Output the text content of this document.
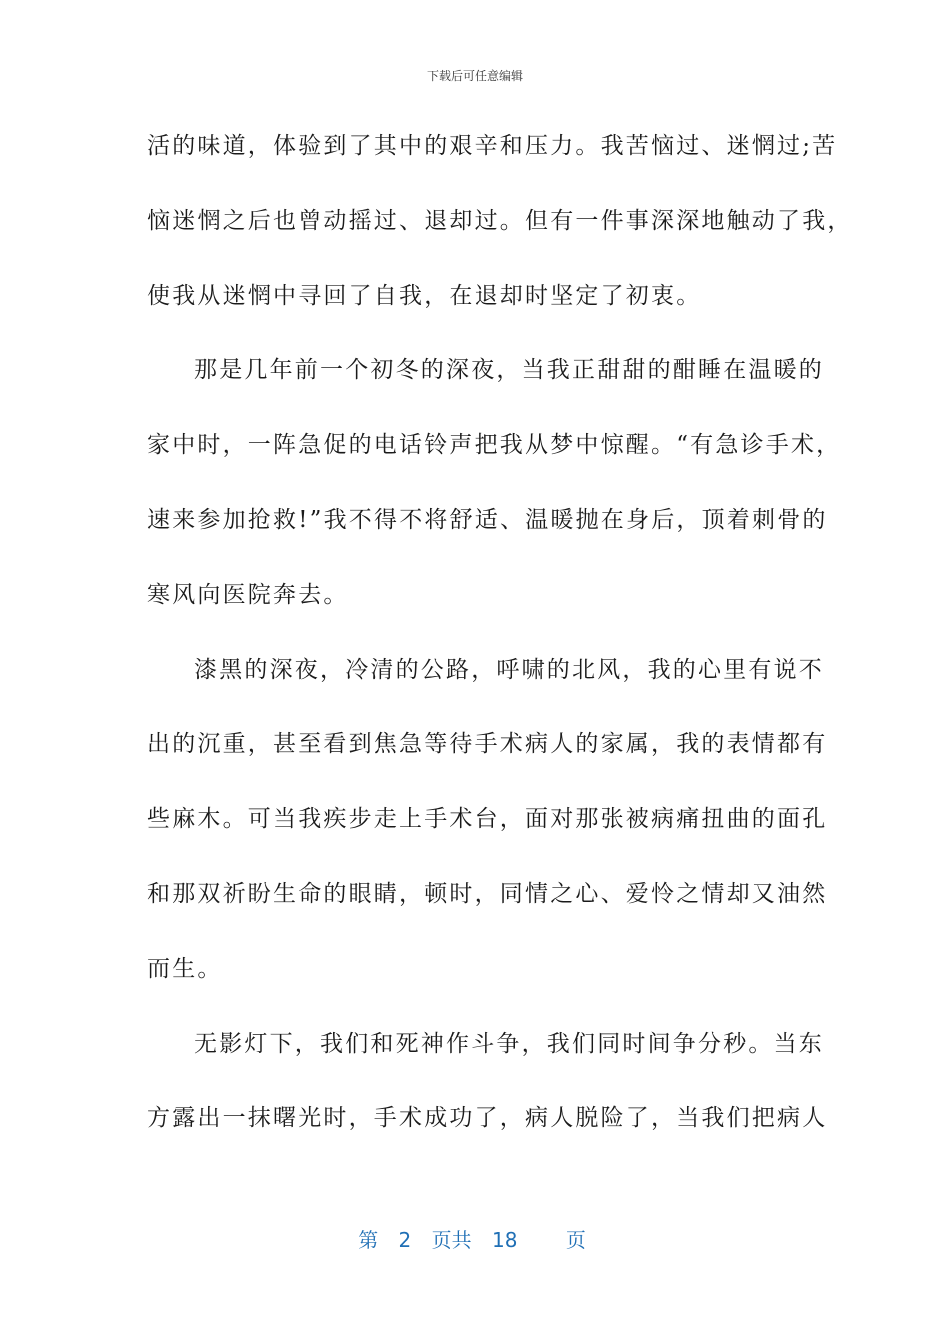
下载后可任意编辑
活的味道，体验到了其中的艰辛和压力。我苦恼过、迷惘过;苦
恼迷惘之后也曾动摇过、退却过。但有一件事深深地触动了我，
使我从迷惘中寻回了自我，在退却时坚定了初衷。
那是几年前一个初冬的深夜，当我正甜甜的酣睡在温暖的
家中时，一阵急促的电话铃声把我从梦中惊醒。“有急诊手术，
速来参加抢救!”我不得不将舒适、温暖抛在身后，顶着刺骨的
寒风向医院奔去。
漆黑的深夜，冷清的公路，呼啸的北风，我的心里有说不
出的沉重，甚至看到焦急等待手术病人的家属，我的表情都有
些麻木。可当我疾步走上手术台，面对那张被病痛扭曲的面孔
和那双祈盼生命的眼睛，顿时，同情之心、爱怜之情却又油然
而生。
无影灯下，我们和死神作斗争，我们同时间争分秒。当东
方露出一抹曙光时，手术成功了，病人脱险了，当我们把病人
第 2 页共 18 页
